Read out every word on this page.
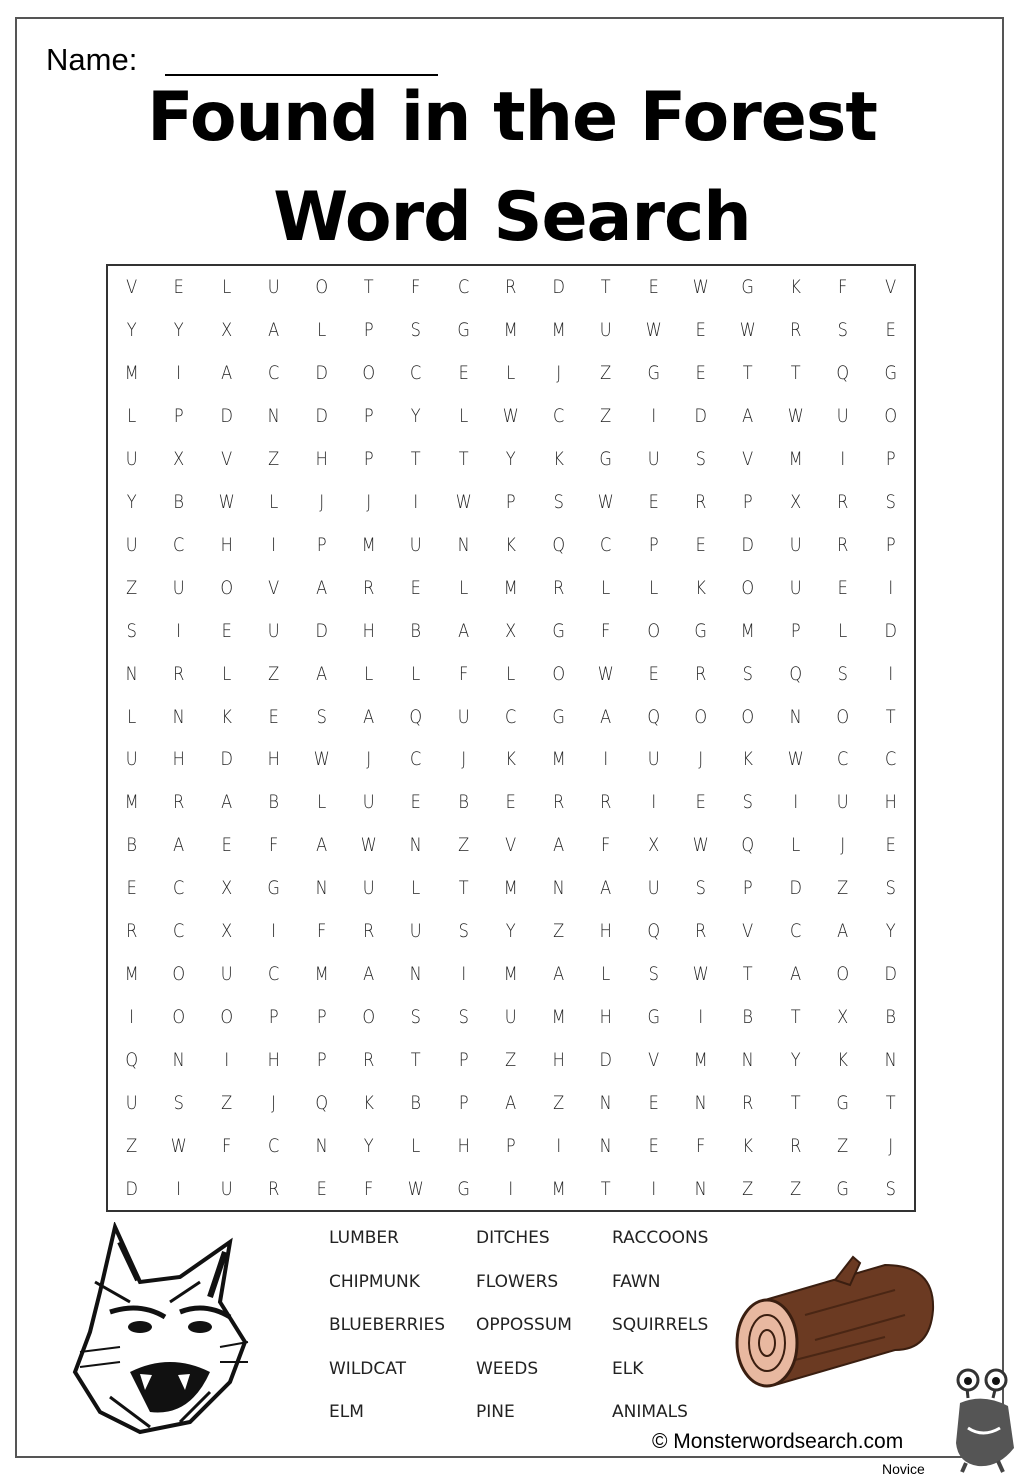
Name:
Found in the Forest
Word Search
V	E	L	U	O	T	F	C	R	D	T	E	W	G	K	F	V
Y	Y	X	A	L	P	S	G	M	M	U	W	E	W	R	S	E
M	I	A	C	D	O	C	E	L	J	Z	G	E	T	T	Q	G
L	P	D	N	D	P	Y	L	W	C	Z	I	D	A	W	U	O
U	X	V	Z	H	P	T	T	Y	K	G	U	S	V	M	I	P
Y	B	W	L	J	J	I	W	P	S	W	E	R	P	X	R	S
U	C	H	I	P	M	U	N	K	Q	C	P	E	D	U	R	P
Z	U	O	V	A	R	E	L	M	R	L	L	K	O	U	E	I
S	I	E	U	D	H	B	A	X	G	F	O	G	M	P	L	D
N	R	L	Z	A	L	L	F	L	O	W	E	R	S	Q	S	I
L	N	K	E	S	A	Q	U	C	G	A	Q	O	O	N	O	T
U	H	D	H	W	J	C	J	K	M	I	U	J	K	W	C	C
M	R	A	B	L	U	E	B	E	R	R	I	E	S	I	U	H
B	A	E	F	A	W	N	Z	V	A	F	X	W	Q	L	J	E
E	C	X	G	N	U	L	T	M	N	A	U	S	P	D	Z	S
R	C	X	I	F	R	U	S	Y	Z	H	Q	R	V	C	A	Y
M	O	U	C	M	A	N	I	M	A	L	S	W	T	A	O	D
I	O	O	P	P	O	S	S	U	M	H	G	I	B	T	X	B
Q	N	I	H	P	R	T	P	Z	H	D	V	M	N	Y	K	N
U	S	Z	J	Q	K	B	P	A	Z	N	E	N	R	T	G	T
Z	W	F	C	N	Y	L	H	P	I	N	E	F	K	R	Z	J
D	I	U	R	E	F	W	G	I	M	T	I	N	Z	Z	G	S
LUMBER
CHIPMUNK
BLUEBERRIES
WILDCAT
ELM
DITCHES
FLOWERS
OPPOSSUM
WEEDS
PINE
RACCOONS
FAWN
SQUIRRELS
ELK
ANIMALS
© Monsterwordsearch.com
Novice
